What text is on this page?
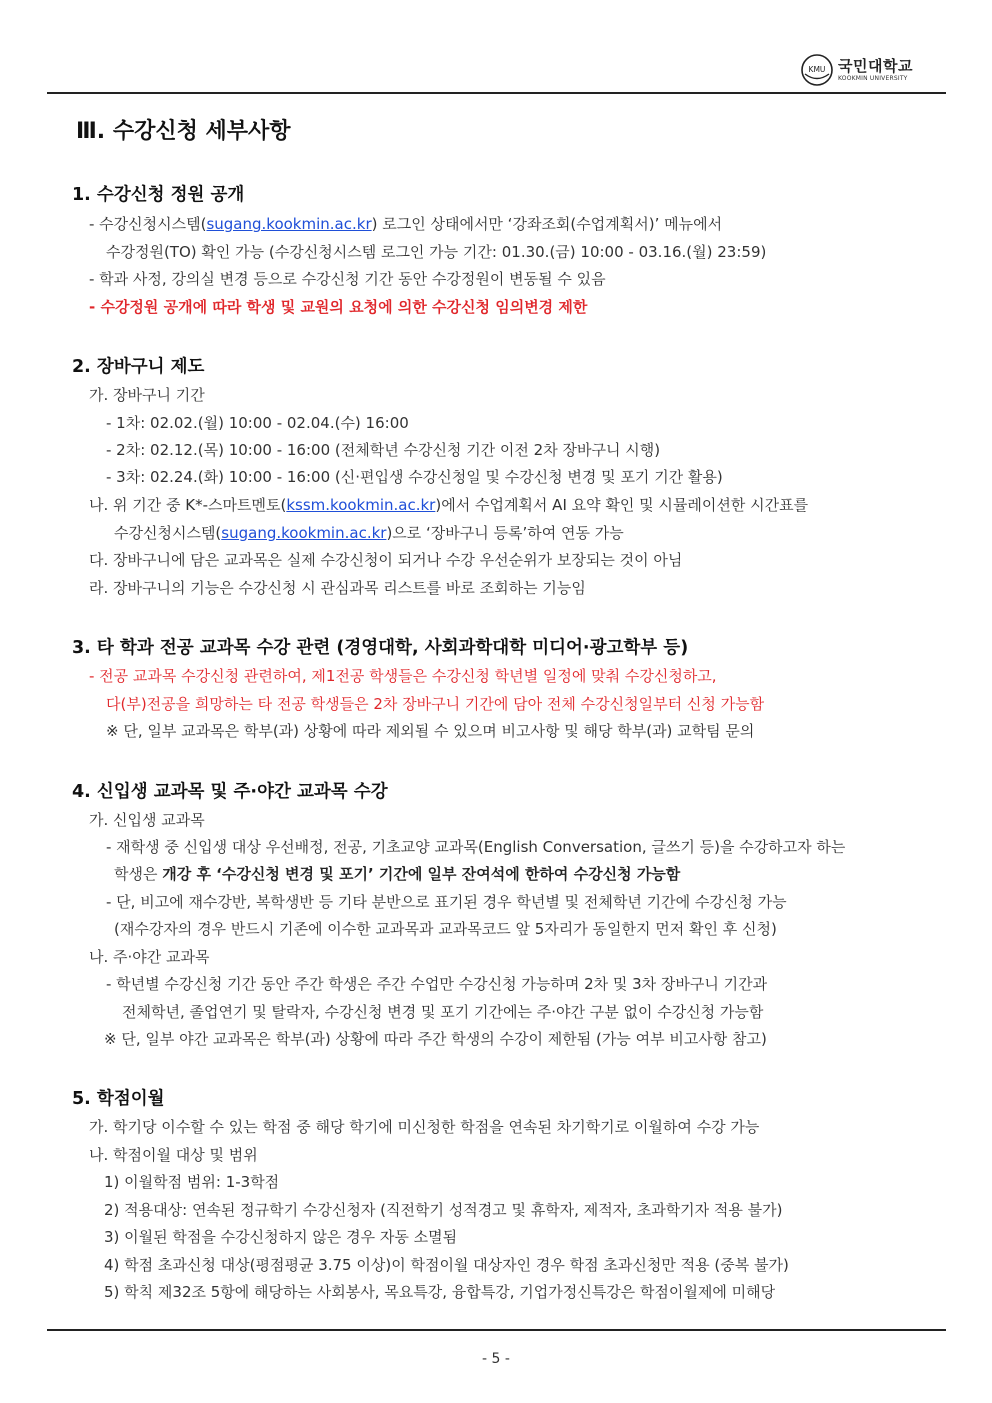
KMU 국민대학교
KOOKMIN UNIVERSITY
Ⅲ. 수강신청 세부사항
1. 수강신청 정원 공개
- 수강신청시스템(sugang.kookmin.ac.kr) 로그인 상태에서만 ‘강좌조회(수업계획서)’ 메뉴에서
수강정원(TO) 확인 가능 (수강신청시스템 로그인 가능 기간: 01.30.(금) 10:00 - 03.16.(월) 23:59)
- 학과 사정, 강의실 변경 등으로 수강신청 기간 동안 수강정원이 변동될 수 있음
- 수강정원 공개에 따라 학생 및 교원의 요청에 의한 수강신청 임의변경 제한
2. 장바구니 제도
가. 장바구니 기간
- 1차: 02.02.(월) 10:00 - 02.04.(수) 16:00
- 2차: 02.12.(목) 10:00 - 16:00 (전체학년 수강신청 기간 이전 2차 장바구니 시행)
- 3차: 02.24.(화) 10:00 - 16:00 (신·편입생 수강신청일 및 수강신청 변경 및 포기 기간 활용)
나. 위 기간 중 K*-스마트멘토(kssm.kookmin.ac.kr)에서 수업계획서 AI 요약 확인 및 시뮬레이션한 시간표를
수강신청시스템(sugang.kookmin.ac.kr)으로 ‘장바구니 등록’하여 연동 가능
다. 장바구니에 담은 교과목은 실제 수강신청이 되거나 수강 우선순위가 보장되는 것이 아님
라. 장바구니의 기능은 수강신청 시 관심과목 리스트를 바로 조회하는 기능임
3. 타 학과 전공 교과목 수강 관련 (경영대학, 사회과학대학 미디어·광고학부 등)
- 전공 교과목 수강신청 관련하여, 제1전공 학생들은 수강신청 학년별 일정에 맞춰 수강신청하고,
다(부)전공을 희망하는 타 전공 학생들은 2차 장바구니 기간에 담아 전체 수강신청일부터 신청 가능함
※ 단, 일부 교과목은 학부(과) 상황에 따라 제외될 수 있으며 비고사항 및 해당 학부(과) 교학팀 문의
4. 신입생 교과목 및 주·야간 교과목 수강
가. 신입생 교과목
- 재학생 중 신입생 대상 우선배정, 전공, 기초교양 교과목(English Conversation, 글쓰기 등)을 수강하고자 하는
학생은 개강 후 ‘수강신청 변경 및 포기’ 기간에 일부 잔여석에 한하여 수강신청 가능함
- 단, 비고에 재수강반, 복학생반 등 기타 분반으로 표기된 경우 학년별 및 전체학년 기간에 수강신청 가능
(재수강자의 경우 반드시 기존에 이수한 교과목과 교과목코드 앞 5자리가 동일한지 먼저 확인 후 신청)
나. 주·야간 교과목
- 학년별 수강신청 기간 동안 주간 학생은 주간 수업만 수강신청 가능하며 2차 및 3차 장바구니 기간과
전체학년, 졸업연기 및 탈락자, 수강신청 변경 및 포기 기간에는 주·야간 구분 없이 수강신청 가능함
※ 단, 일부 야간 교과목은 학부(과) 상황에 따라 주간 학생의 수강이 제한됨 (가능 여부 비고사항 참고)
5. 학점이월
가. 학기당 이수할 수 있는 학점 중 해당 학기에 미신청한 학점을 연속된 차기학기로 이월하여 수강 가능
나. 학점이월 대상 및 범위
1) 이월학점 범위: 1-3학점
2) 적용대상: 연속된 정규학기 수강신청자 (직전학기 성적경고 및 휴학자, 제적자, 초과학기자 적용 불가)
3) 이월된 학점을 수강신청하지 않은 경우 자동 소멸됨
4) 학점 초과신청 대상(평점평균 3.75 이상)이 학점이월 대상자인 경우 학점 초과신청만 적용 (중복 불가)
5) 학칙 제32조 5항에 해당하는 사회봉사, 목요특강, 융합특강, 기업가정신특강은 학점이월제에 미해당
- 5 -
